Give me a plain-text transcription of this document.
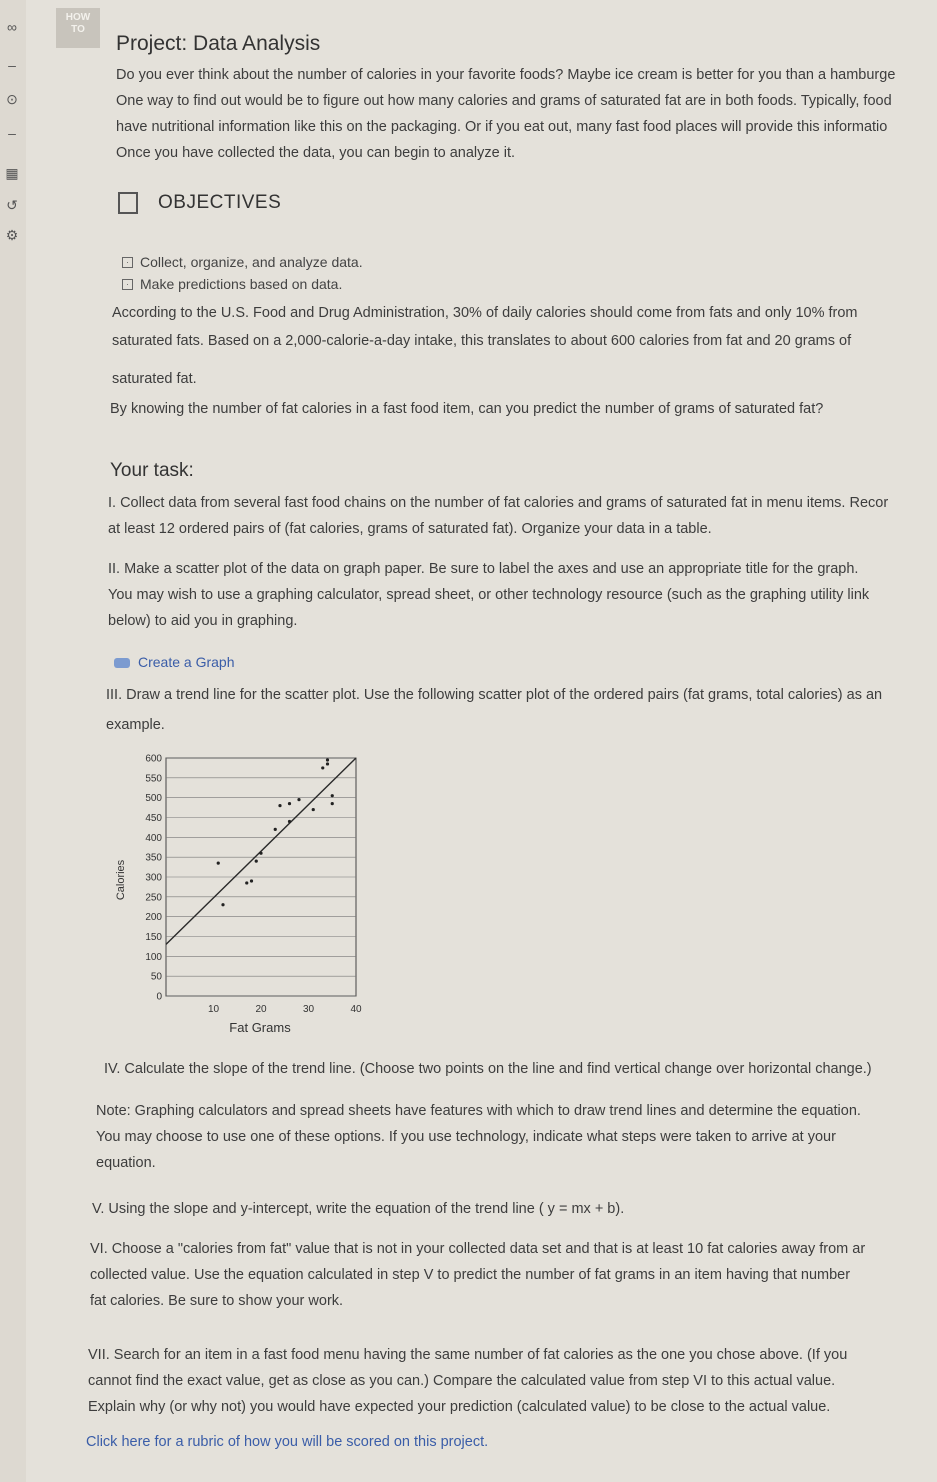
∞
–
⊙
–
▦
↺
⚙
HOW
TO
Project: Data Analysis
Do you ever think about the number of calories in your favorite foods? Maybe ice cream is better for you than a hamburge
One way to find out would be to figure out how many calories and grams of saturated fat are in both foods. Typically, food
have nutritional information like this on the packaging. Or if you eat out, many fast food places will provide this informatio
Once you have collected the data, you can begin to analyze it.
OBJECTIVES
· Collect, organize, and analyze data.
· Make predictions based on data.
According to the U.S. Food and Drug Administration, 30% of daily calories should come from fats and only 10% from
saturated fats. Based on a 2,000-calorie-a-day intake, this translates to about 600 calories from fat and 20 grams of
saturated fat.
By knowing the number of fat calories in a fast food item, can you predict the number of grams of saturated fat?
Your task:
I. Collect data from several fast food chains on the number of fat calories and grams of saturated fat in menu items. Recor
at least 12 ordered pairs of (fat calories, grams of saturated fat). Organize your data in a table.
II. Make a scatter plot of the data on graph paper. Be sure to label the axes and use an appropriate title for the graph.
You may wish to use a graphing calculator, spread sheet, or other technology resource (such as the graphing utility link
below) to aid you in graphing.
Create a Graph
III. Draw a trend line for the scatter plot. Use the following scatter plot of the ordered pairs (fat grams, total calories) as an
example.
0
50
100
150
200
250
300
350
400
450
500
550
600
10	20	30	40
Calories
Fat Grams
IV. Calculate the slope of the trend line. (Choose two points on the line and find vertical change over horizontal change.)
Note: Graphing calculators and spread sheets have features with which to draw trend lines and determine the equation.
You may choose to use one of these options. If you use technology, indicate what steps were taken to arrive at your
equation.
V. Using the slope and y-intercept, write the equation of the trend line ( y = mx + b).
VI. Choose a "calories from fat" value that is not in your collected data set and that is at least 10 fat calories away from ar
collected value. Use the equation calculated in step V to predict the number of fat grams in an item having that number
fat calories. Be sure to show your work.
VII. Search for an item in a fast food menu having the same number of fat calories as the one you chose above. (If you
cannot find the exact value, get as close as you can.) Compare the calculated value from step VI to this actual value.
Explain why (or why not) you would have expected your prediction (calculated value) to be close to the actual value.
Click here for a rubric of how you will be scored on this project.
